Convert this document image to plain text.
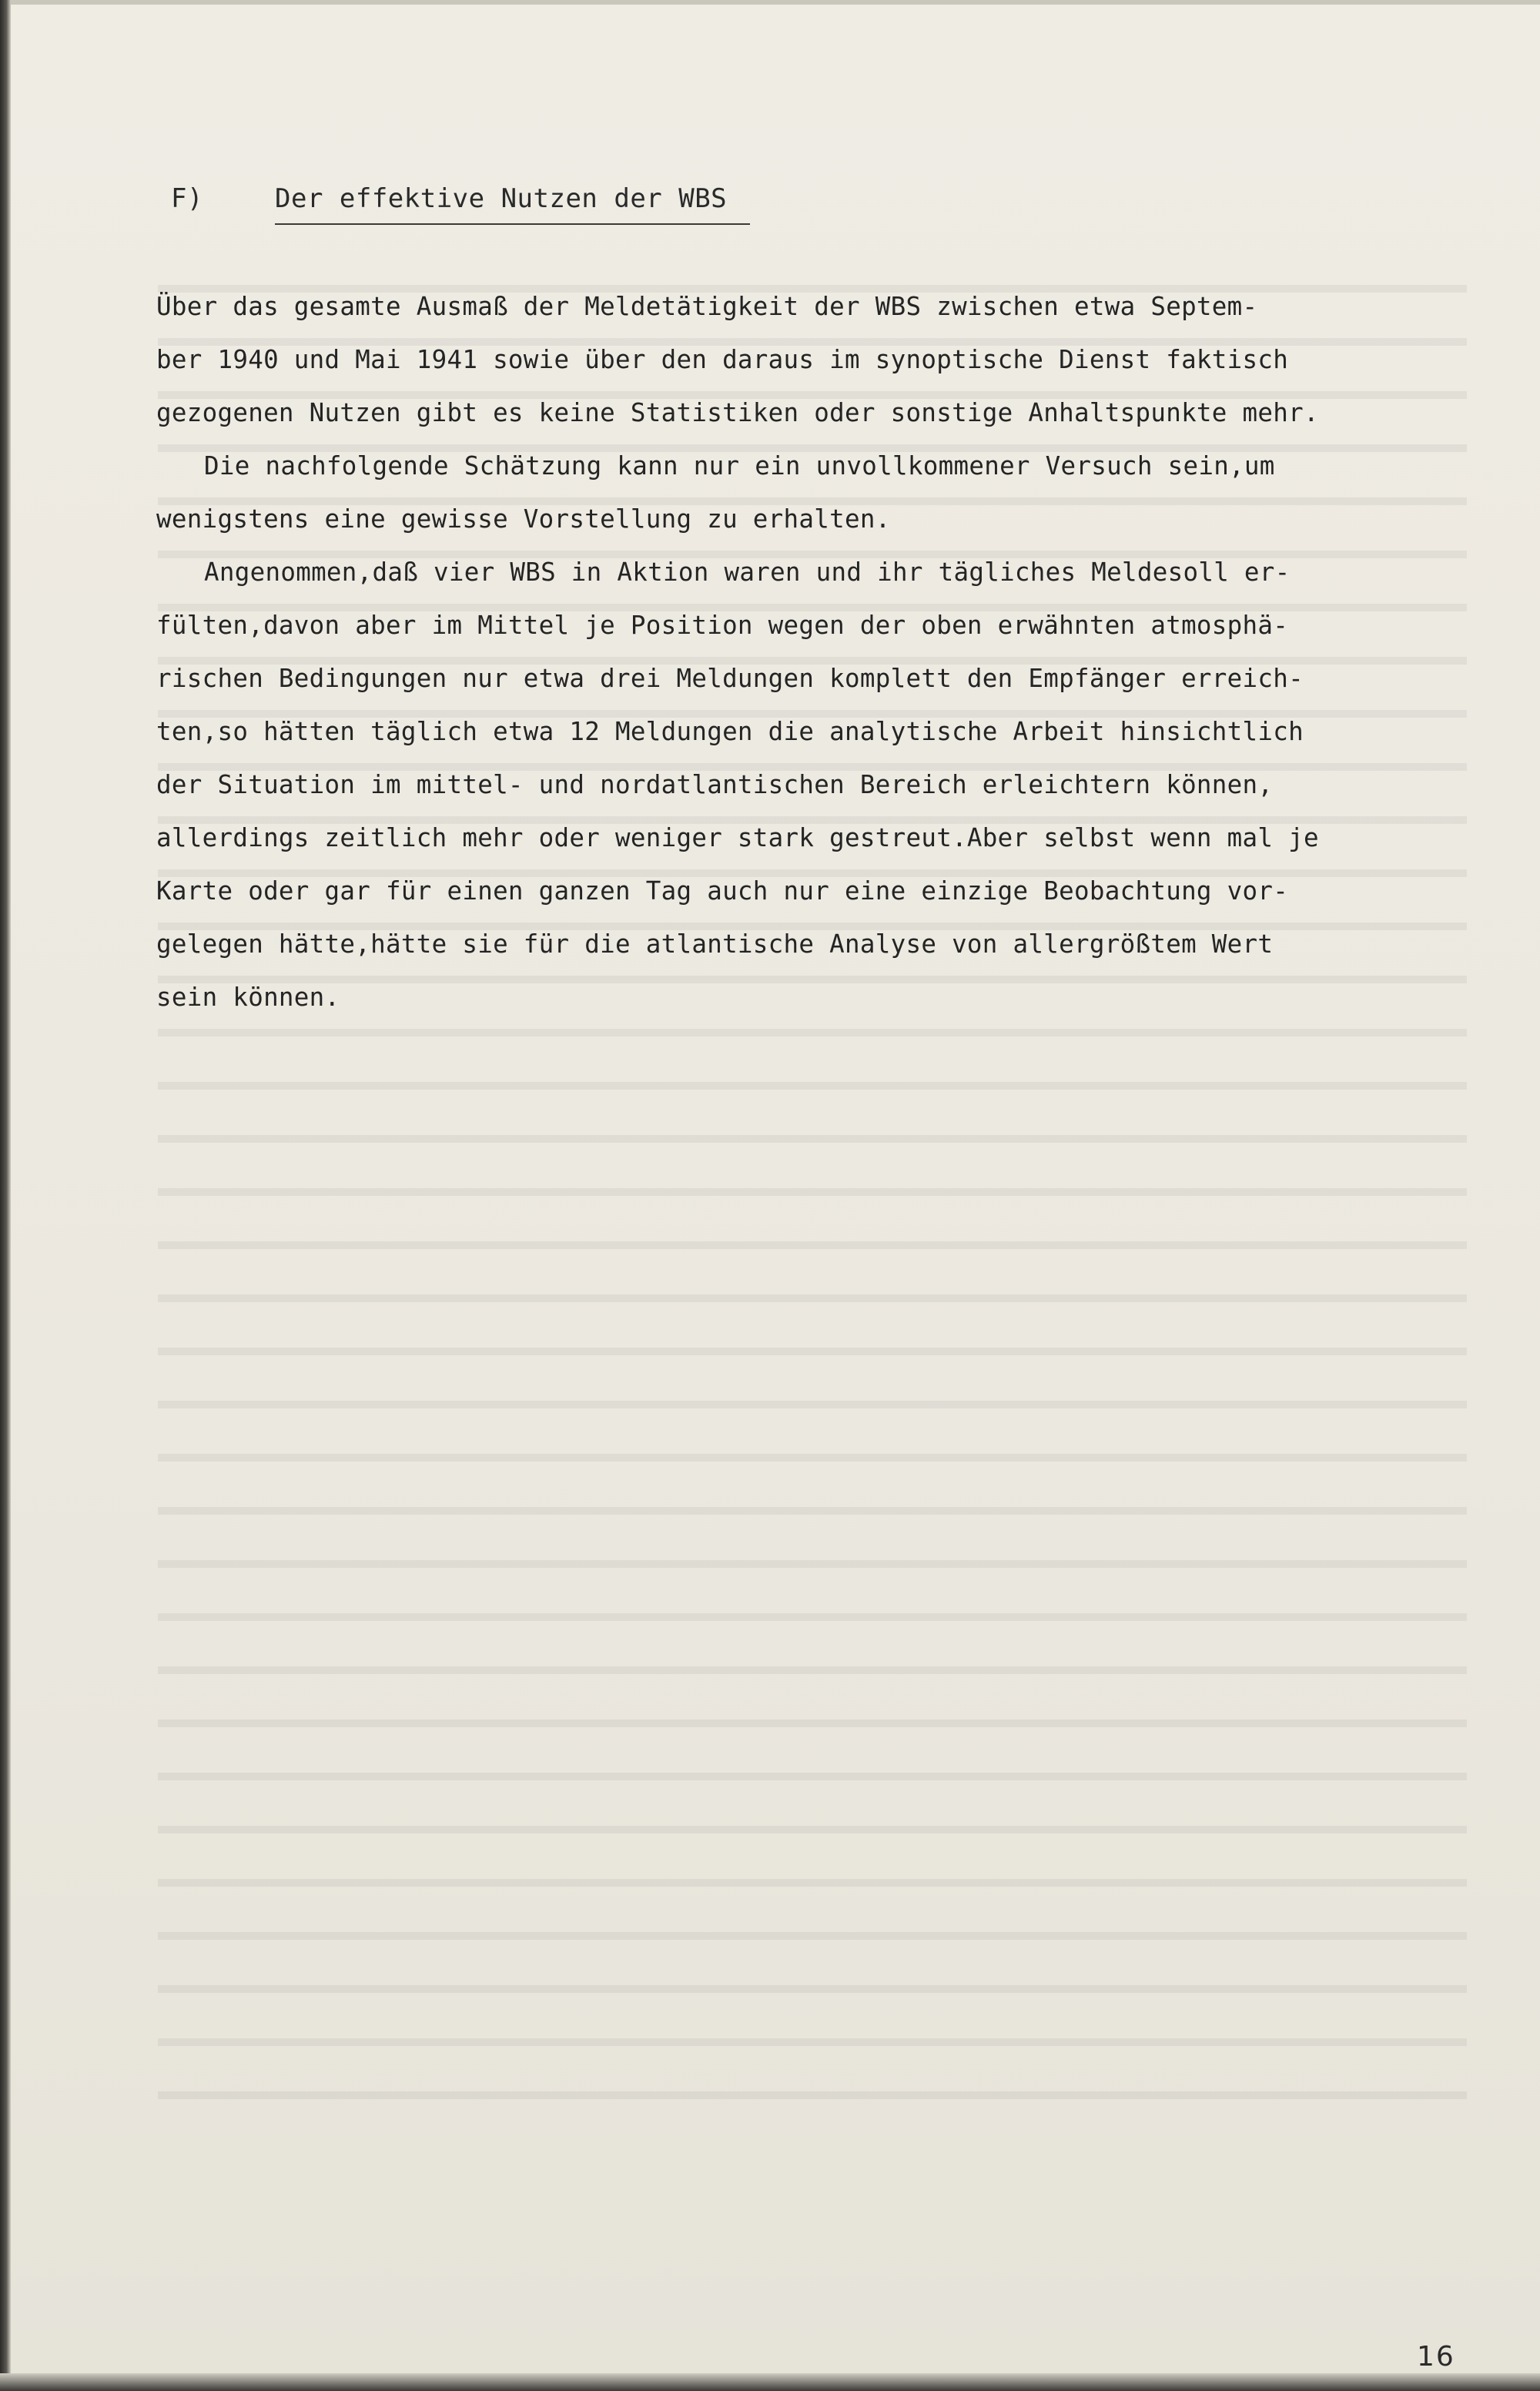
F)	Der effektive Nutzen der WBS
Über das gesamte Ausmaß der Meldetätigkeit der WBS zwischen etwa Septem-
ber 1940 und Mai 1941 sowie über den daraus im synoptische Dienst faktisch
gezogenen Nutzen gibt es keine Statistiken oder sonstige Anhaltspunkte mehr.
Die nachfolgende Schätzung kann nur ein unvollkommener Versuch sein,um
wenigstens eine gewisse Vorstellung zu erhalten.
Angenommen,daß vier WBS in Aktion waren und ihr tägliches Meldesoll er-
fülten,davon aber im Mittel je Position wegen der oben erwähnten atmosphä-
rischen Bedingungen nur etwa drei Meldungen komplett den Empfänger erreich-
ten,so hätten täglich etwa 12 Meldungen die analytische Arbeit hinsichtlich
der Situation im mittel- und nordatlantischen Bereich erleichtern können,
allerdings zeitlich mehr oder weniger stark gestreut.Aber selbst wenn mal je
Karte oder gar für einen ganzen Tag auch nur eine einzige Beobachtung vor-
gelegen hätte,hätte sie für die atlantische Analyse von allergrößtem Wert
sein können.
16
